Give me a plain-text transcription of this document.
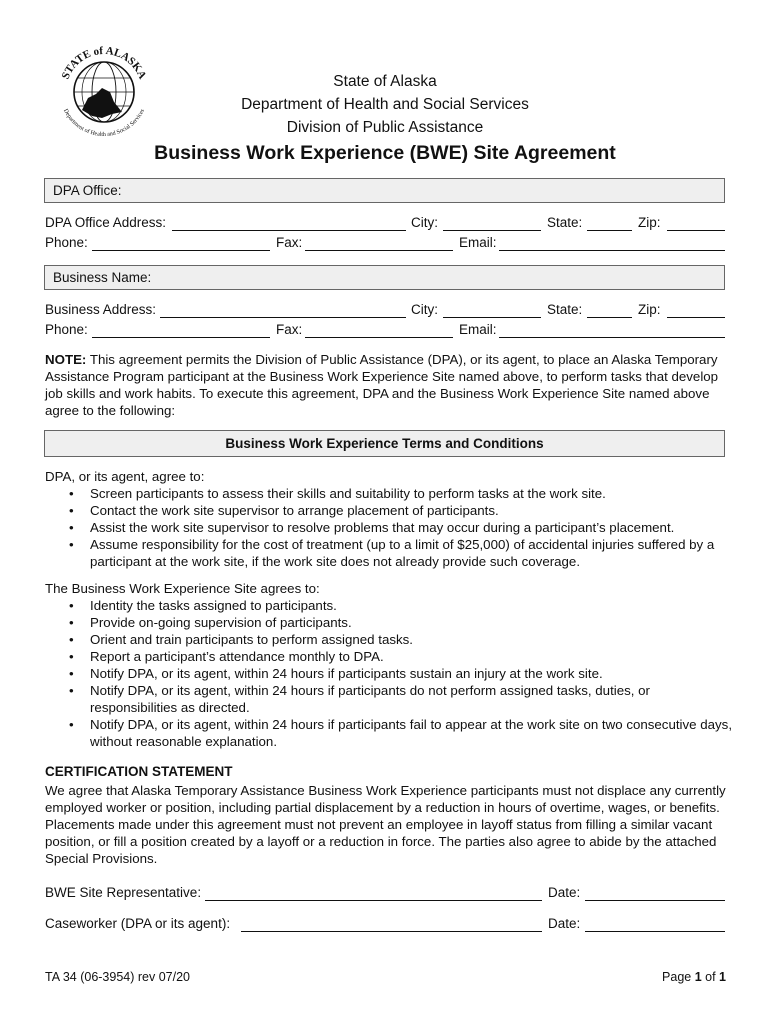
STATE of ALASKA
Department of Health and Social Services
State of Alaska
Department of Health and Social Services
Division of Public Assistance
Business Work Experience (BWE) Site Agreement
DPA Office:
DPA Office Address:	City:	State:	Zip:
Phone:	Fax:	Email:
Business Name:
Business Address:	City:	State:	Zip:
Phone:	Fax:	Email:
NOTE: This agreement permits the Division of Public Assistance (DPA), or its agent, to place an Alaska Temporary Assistance Program participant at the Business Work Experience Site named above, to perform tasks that develop job skills and work habits. To execute this agreement, DPA and the Business Work Experience Site named above agree to the following:
Business Work Experience Terms and Conditions
DPA, or its agent, agree to:
• Screen participants to assess their skills and suitability to perform tasks at the work site.
• Contact the work site supervisor to arrange placement of participants.
• Assist the work site supervisor to resolve problems that may occur during a participant’s placement.
• Assume responsibility for the cost of treatment (up to a limit of $25,000) of accidental injuries suffered by a participant at the work site, if the work site does not already provide such coverage.
The Business Work Experience Site agrees to:
• Identity the tasks assigned to participants.
• Provide on-going supervision of participants.
• Orient and train participants to perform assigned tasks.
• Report a participant’s attendance monthly to DPA.
• Notify DPA, or its agent, within 24 hours if participants sustain an injury at the work site.
• Notify DPA, or its agent, within 24 hours if participants do not perform assigned tasks, duties, or responsibilities as directed.
• Notify DPA, or its agent, within 24 hours if participants fail to appear at the work site on two consecutive days, without reasonable explanation.
CERTIFICATION STATEMENT
We agree that Alaska Temporary Assistance Business Work Experience participants must not displace any currently employed worker or position, including partial displacement by a reduction in hours of overtime, wages, or benefits. Placements made under this agreement must not prevent an employee in layoff status from filling a similar vacant position, or fill a position created by a layoff or a reduction in force. The parties also agree to abide by the attached Special Provisions.
BWE Site Representative:	Date:
Caseworker (DPA or its agent):	Date:
TA 34 (06-3954) rev 07/20	Page 1 of 1
